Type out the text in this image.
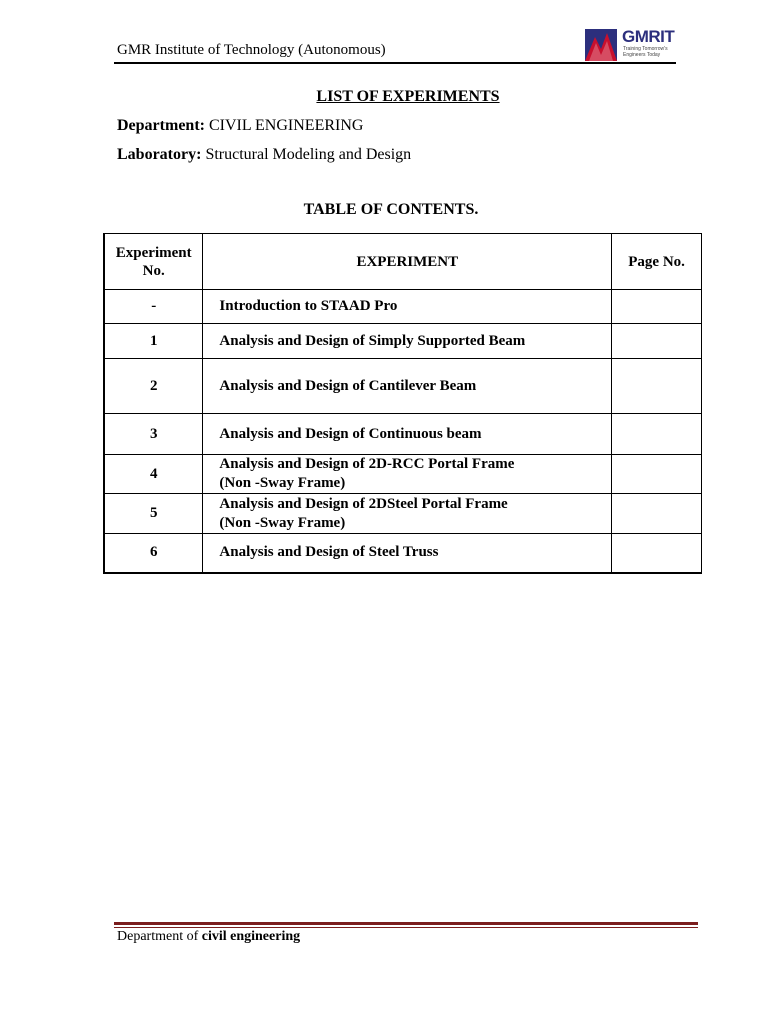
GMR Institute of Technology (Autonomous)
GMRIT
Training Tomorrow's Engineers Today
LIST OF EXPERIMENTS
Department: CIVIL ENGINEERING
Laboratory: Structural Modeling and Design
TABLE OF CONTENTS.
Experiment
No.	EXPERIMENT	Page No.
-	Introduction to STAAD Pro	

1	Analysis and Design of Simply Supported Beam	

2	Analysis and Design of Cantilever Beam	

3	Analysis and Design of Continuous beam	

4	Analysis and Design of 2D-RCC Portal Frame
(Non -Sway Frame)	

5	Analysis and Design of 2DSteel Portal Frame
(Non -Sway Frame)	

6	Analysis and Design of Steel Truss	

Department of civil engineering
